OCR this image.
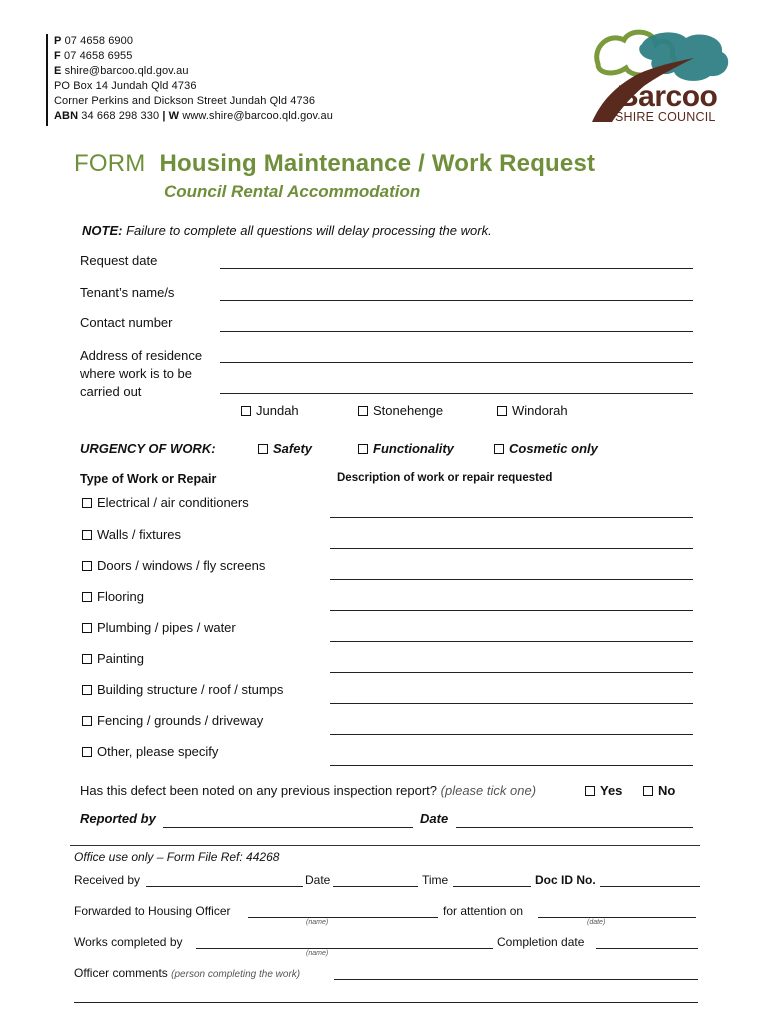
P 07 4658 6900
F 07 4658 6955
E shire@barcoo.qld.gov.au
PO Box 14 Jundah Qld 4736
Corner Perkins and Dickson Street Jundah Qld 4736
ABN 34 668 298 330 | W www.shire@barcoo.qld.gov.au
Barcoo
SHIRE COUNCIL
FORM Housing Maintenance / Work Request
Council Rental Accommodation
NOTE: Failure to complete all questions will delay processing the work.
Request date
Tenant’s name/s
Contact number
Address of residence
where work is to be
carried out
Jundah	Stonehenge	Windorah
URGENCY OF WORK:	Safety	Functionality	Cosmetic only
Type of Work or Repair	Description of work or repair requested
Electrical / air conditioners
Walls / fixtures
Doors / windows / fly screens
Flooring
Plumbing / pipes / water
Painting
Building structure / roof / stumps
Fencing / grounds / driveway
Other, please specify
Has this defect been noted on any previous inspection report? (please tick one)	Yes	No
Reported by	Date
Office use only – Form File Ref: 44268
Received by	Date	Time	Doc ID No.
Forwarded to Housing Officer	for attention on
(name)	(date)
Works completed by	Completion date
(name)
Officer comments (person completing the work)
